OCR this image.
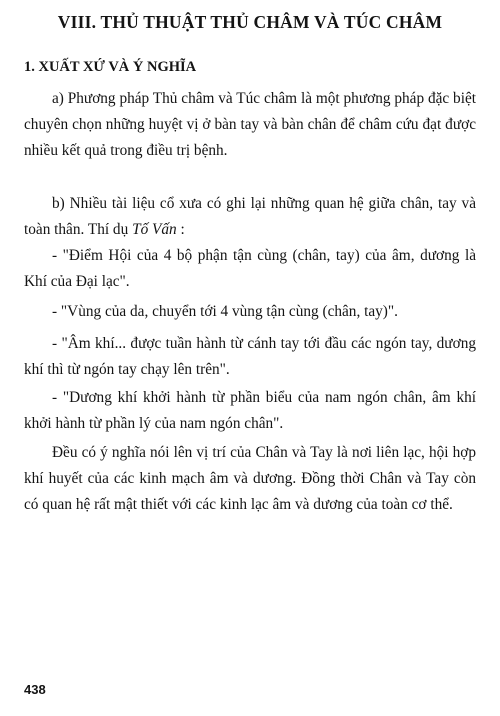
VIII. THỦ THUẬT THỦ CHÂM VÀ TÚC CHÂM
1. XUẤT XỨ VÀ Ý NGHĨA

a) Phương pháp Thủ châm và Túc châm là một phương pháp đặc biệt chuyên chọn những huyệt vị ở bàn tay và bàn chân để châm cứu đạt được nhiều kết quả trong điều trị bệnh.

b) Nhiều tài liệu cổ xưa có ghi lại những quan hệ giữa chân, tay và toàn thân. Thí dụ Tố Vấn :

- "Điểm Hội của 4 bộ phận tận cùng (chân, tay) của âm, dương là Khí của Đại lạc".

- "Vùng của da, chuyển tới 4 vùng tận cùng (chân, tay)".

- "Âm khí... được tuần hành từ cánh tay tới đầu các ngón tay, dương khí thì từ ngón tay chạy lên trên".

- "Dương khí khởi hành từ phần biểu của nam ngón chân, âm khí khởi hành từ phần lý của nam ngón chân".

Đều có ý nghĩa nói lên vị trí của Chân và Tay là nơi liên lạc, hội hợp khí huyết của các kinh mạch âm và dương. Đồng thời Chân và Tay còn có quan hệ rất mật thiết với các kinh lạc âm và dương của toàn cơ thể.

438
